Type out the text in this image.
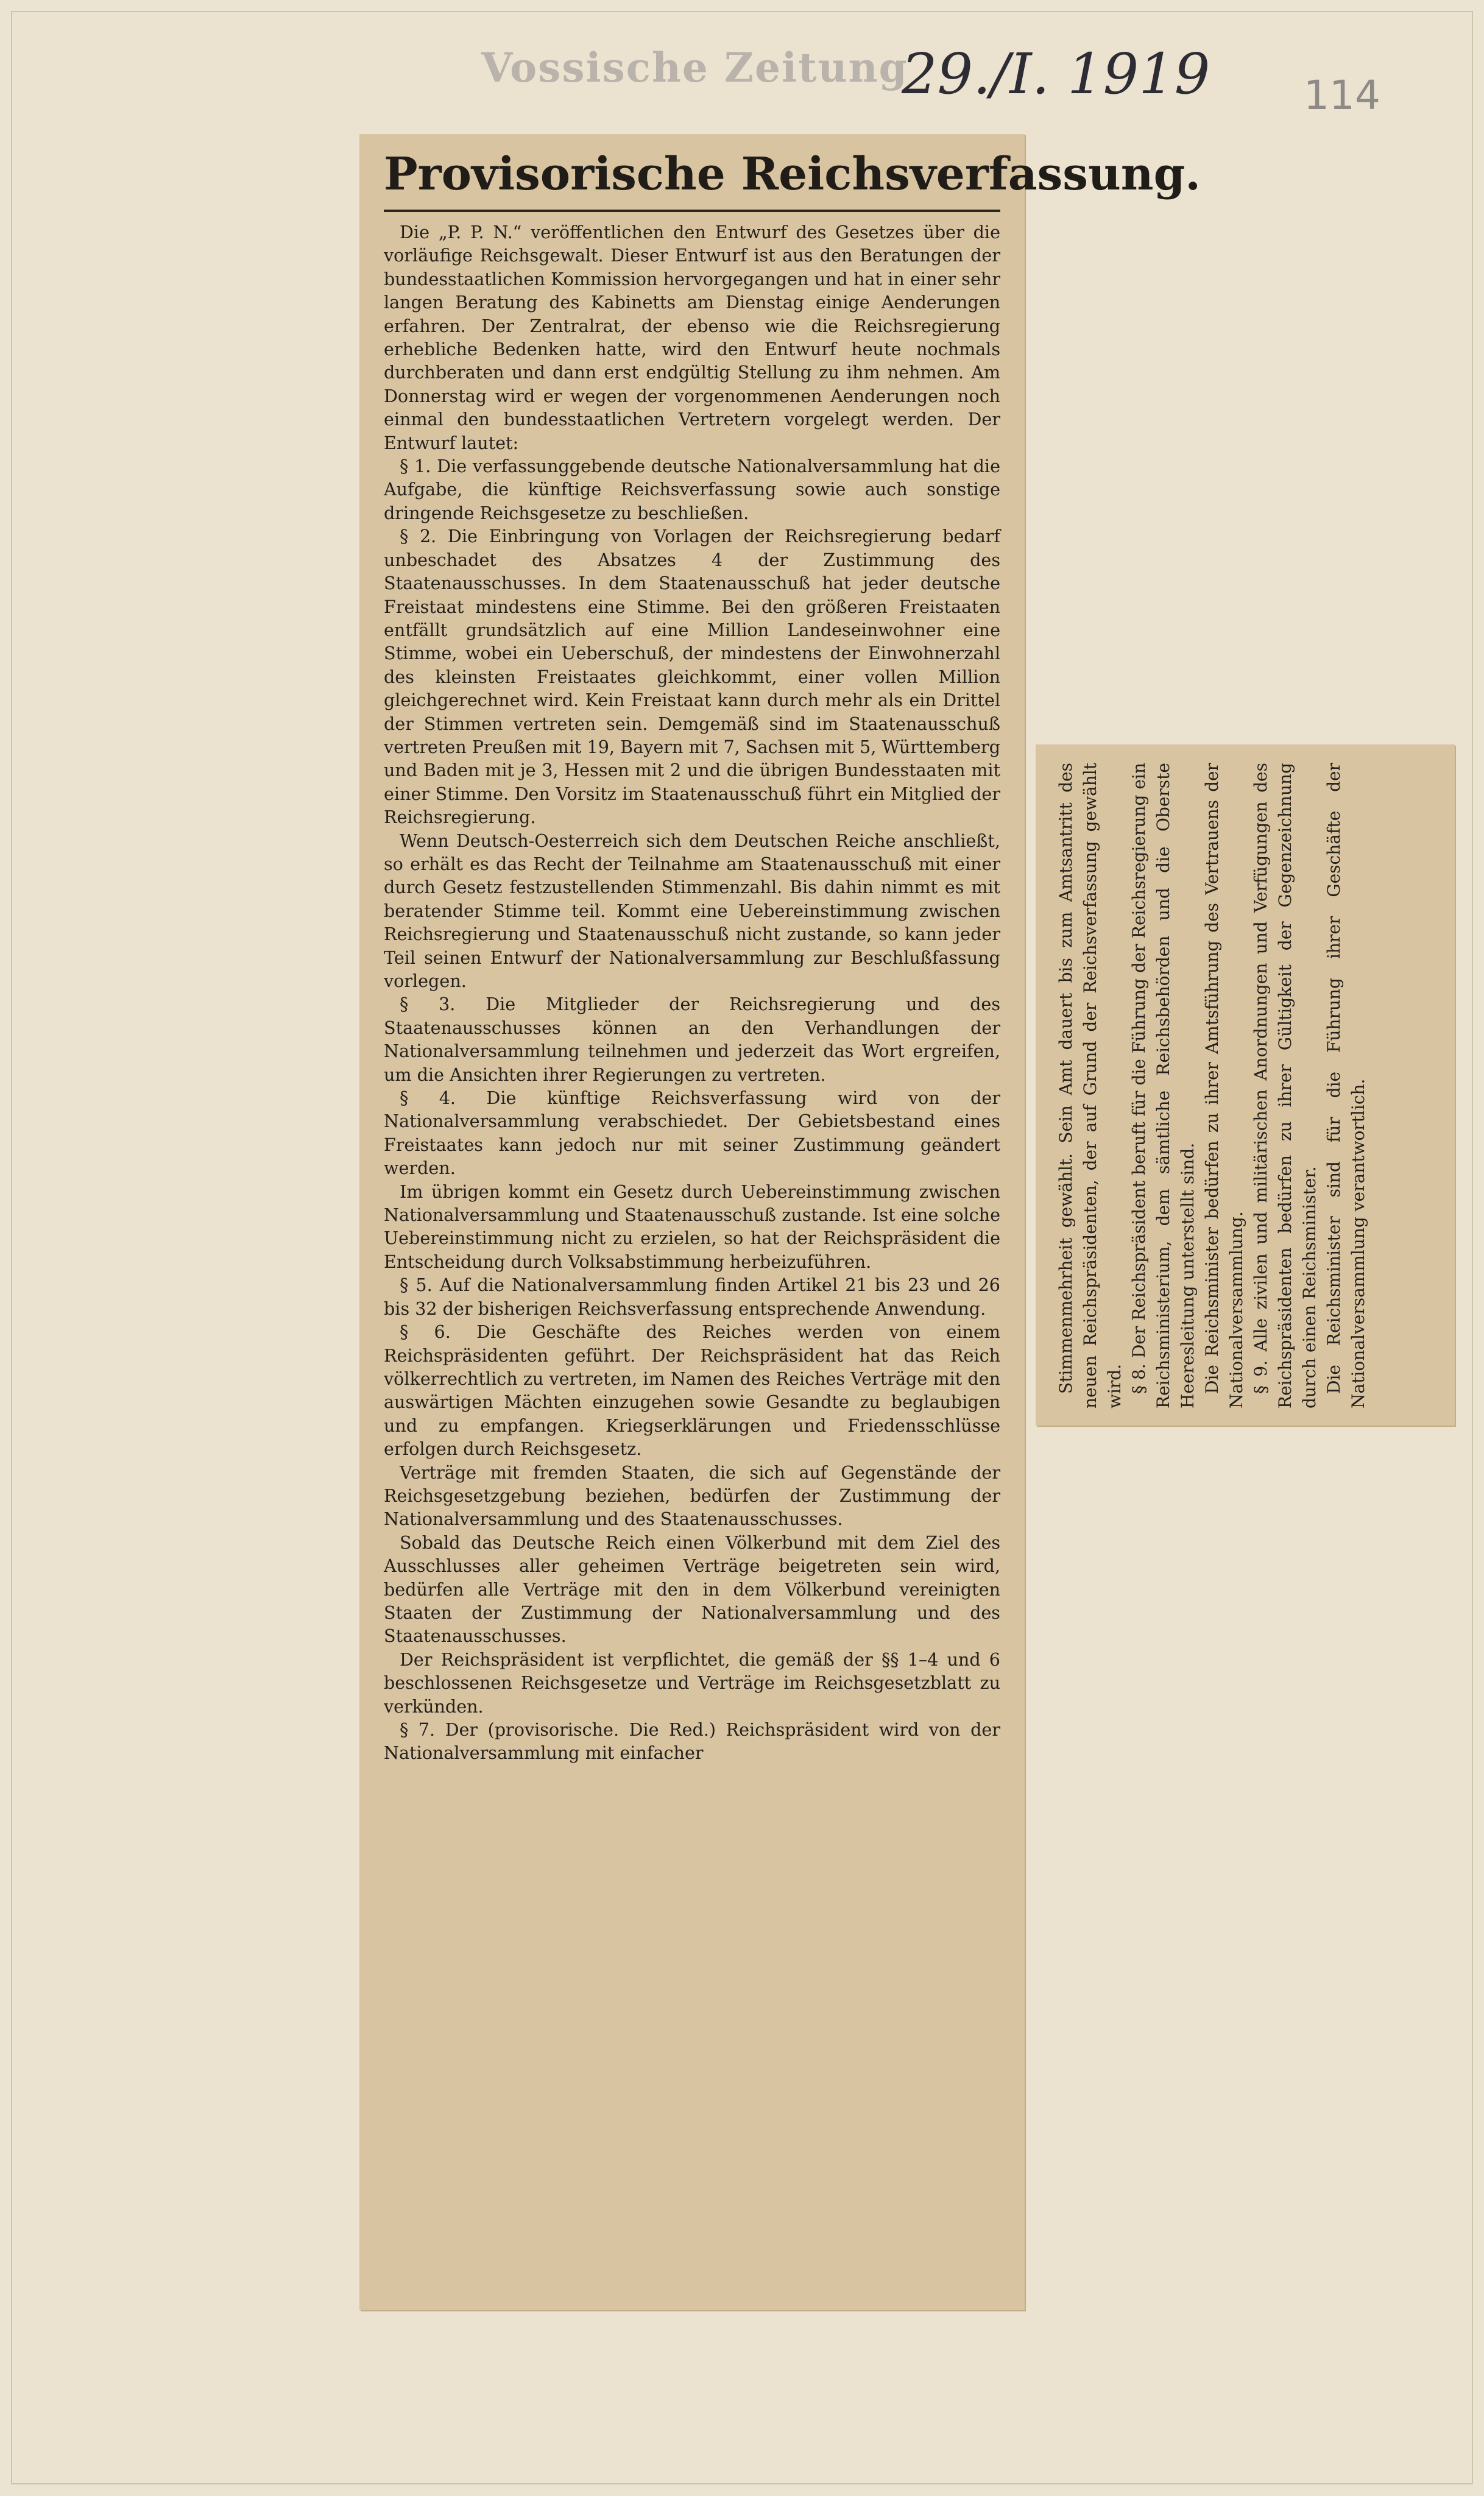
Vossische Zeitung
29./I. 1919 114
Provisorische Reichsverfassung.

Die „P. P. N.“ veröffentlichen den Entwurf des Gesetzes über die vorläufige Reichsgewalt. Dieser Entwurf ist aus den Beratungen der bundesstaatlichen Kommission hervorgegangen und hat in einer sehr langen Beratung des Kabinetts am Dienstag einige Aenderungen erfahren. Der Zentralrat, der ebenso wie die Reichsregierung erhebliche Bedenken hatte, wird den Entwurf heute nochmals durchberaten und dann erst endgültig Stellung zu ihm nehmen. Am Donnerstag wird er wegen der vorgenommenen Aenderungen noch einmal den bundesstaatlichen Vertretern vorgelegt werden. Der Entwurf lautet:

§ 1. Die verfassunggebende deutsche Nationalversammlung hat die Aufgabe, die künftige Reichsverfassung sowie auch sonstige dringende Reichsgesetze zu beschließen.

§ 2. Die Einbringung von Vorlagen der Reichsregierung bedarf unbeschadet des Absatzes 4 der Zustimmung des Staatenausschusses. In dem Staatenausschuß hat jeder deutsche Freistaat mindestens eine Stimme. Bei den größeren Freistaaten entfällt grundsätzlich auf eine Million Landeseinwohner eine Stimme, wobei ein Ueberschuß, der mindestens der Einwohnerzahl des kleinsten Freistaates gleichkommt, einer vollen Million gleichgerechnet wird. Kein Freistaat kann durch mehr als ein Drittel der Stimmen vertreten sein. Demgemäß sind im Staatenausschuß vertreten Preußen mit 19, Bayern mit 7, Sachsen mit 5, Württemberg und Baden mit je 3, Hessen mit 2 und die übrigen Bundesstaaten mit einer Stimme. Den Vorsitz im Staatenausschuß führt ein Mitglied der Reichsregierung.

Wenn Deutsch-Oesterreich sich dem Deutschen Reiche anschließt, so erhält es das Recht der Teilnahme am Staatenausschuß mit einer durch Gesetz festzustellenden Stimmenzahl. Bis dahin nimmt es mit beratender Stimme teil. Kommt eine Uebereinstimmung zwischen Reichsregierung und Staatenausschuß nicht zustande, so kann jeder Teil seinen Entwurf der Nationalversammlung zur Beschlußfassung vorlegen.

§ 3. Die Mitglieder der Reichsregierung und des Staatenausschusses können an den Verhandlungen der Nationalversammlung teilnehmen und jederzeit das Wort ergreifen, um die Ansichten ihrer Regierungen zu vertreten.

§ 4. Die künftige Reichsverfassung wird von der Nationalversammlung verabschiedet. Der Gebietsbestand eines Freistaates kann jedoch nur mit seiner Zustimmung geändert werden.

Im übrigen kommt ein Gesetz durch Uebereinstimmung zwischen Nationalversammlung und Staatenausschuß zustande. Ist eine solche Uebereinstimmung nicht zu erzielen, so hat der Reichspräsident die Entscheidung durch Volksabstimmung herbeizuführen.

§ 5. Auf die Nationalversammlung finden Artikel 21 bis 23 und 26 bis 32 der bisherigen Reichsverfassung entsprechende Anwendung.

§ 6. Die Geschäfte des Reiches werden von einem Reichspräsidenten geführt. Der Reichspräsident hat das Reich völkerrechtlich zu vertreten, im Namen des Reiches Verträge mit den auswärtigen Mächten einzugehen sowie Gesandte zu beglaubigen und zu empfangen. Kriegserklärungen und Friedensschlüsse erfolgen durch Reichsgesetz.

Verträge mit fremden Staaten, die sich auf Gegenstände der Reichsgesetzgebung beziehen, bedürfen der Zustimmung der Nationalversammlung und des Staatenausschusses.

Sobald das Deutsche Reich einen Völkerbund mit dem Ziel des Ausschlusses aller geheimen Verträge beigetreten sein wird, bedürfen alle Verträge mit den in dem Völkerbund vereinigten Staaten der Zustimmung der Nationalversammlung und des Staatenausschusses.

Der Reichspräsident ist verpflichtet, die gemäß der §§ 1–4 und 6 beschlossenen Reichsgesetze und Verträge im Reichsgesetzblatt zu verkünden.

§ 7. Der (provisorische. Die Red.) Reichspräsident wird von der Nationalversammlung mit einfacher

Stimmenmehrheit gewählt. Sein Amt dauert bis zum Amtsantritt des neuen Reichspräsidenten, der auf Grund der Reichsverfassung gewählt wird. § 8. Der Reichspräsident beruft für die Führung der Reichsregierung ein Reichsministerium, dem sämtliche Reichsbehörden und die Oberste Heeresleitung unterstellt sind. Die Reichsminister bedürfen zu ihrer Amtsführung des Vertrauens der Nationalversammlung. § 9. Alle zivilen und militärischen Anordnungen und Verfügungen des Reichspräsidenten bedürfen zu ihrer Gültigkeit der Gegenzeichnung durch einen Reichsminister. Die Reichsminister sind für die Führung ihrer Geschäfte der Nationalversammlung verantwortlich.
